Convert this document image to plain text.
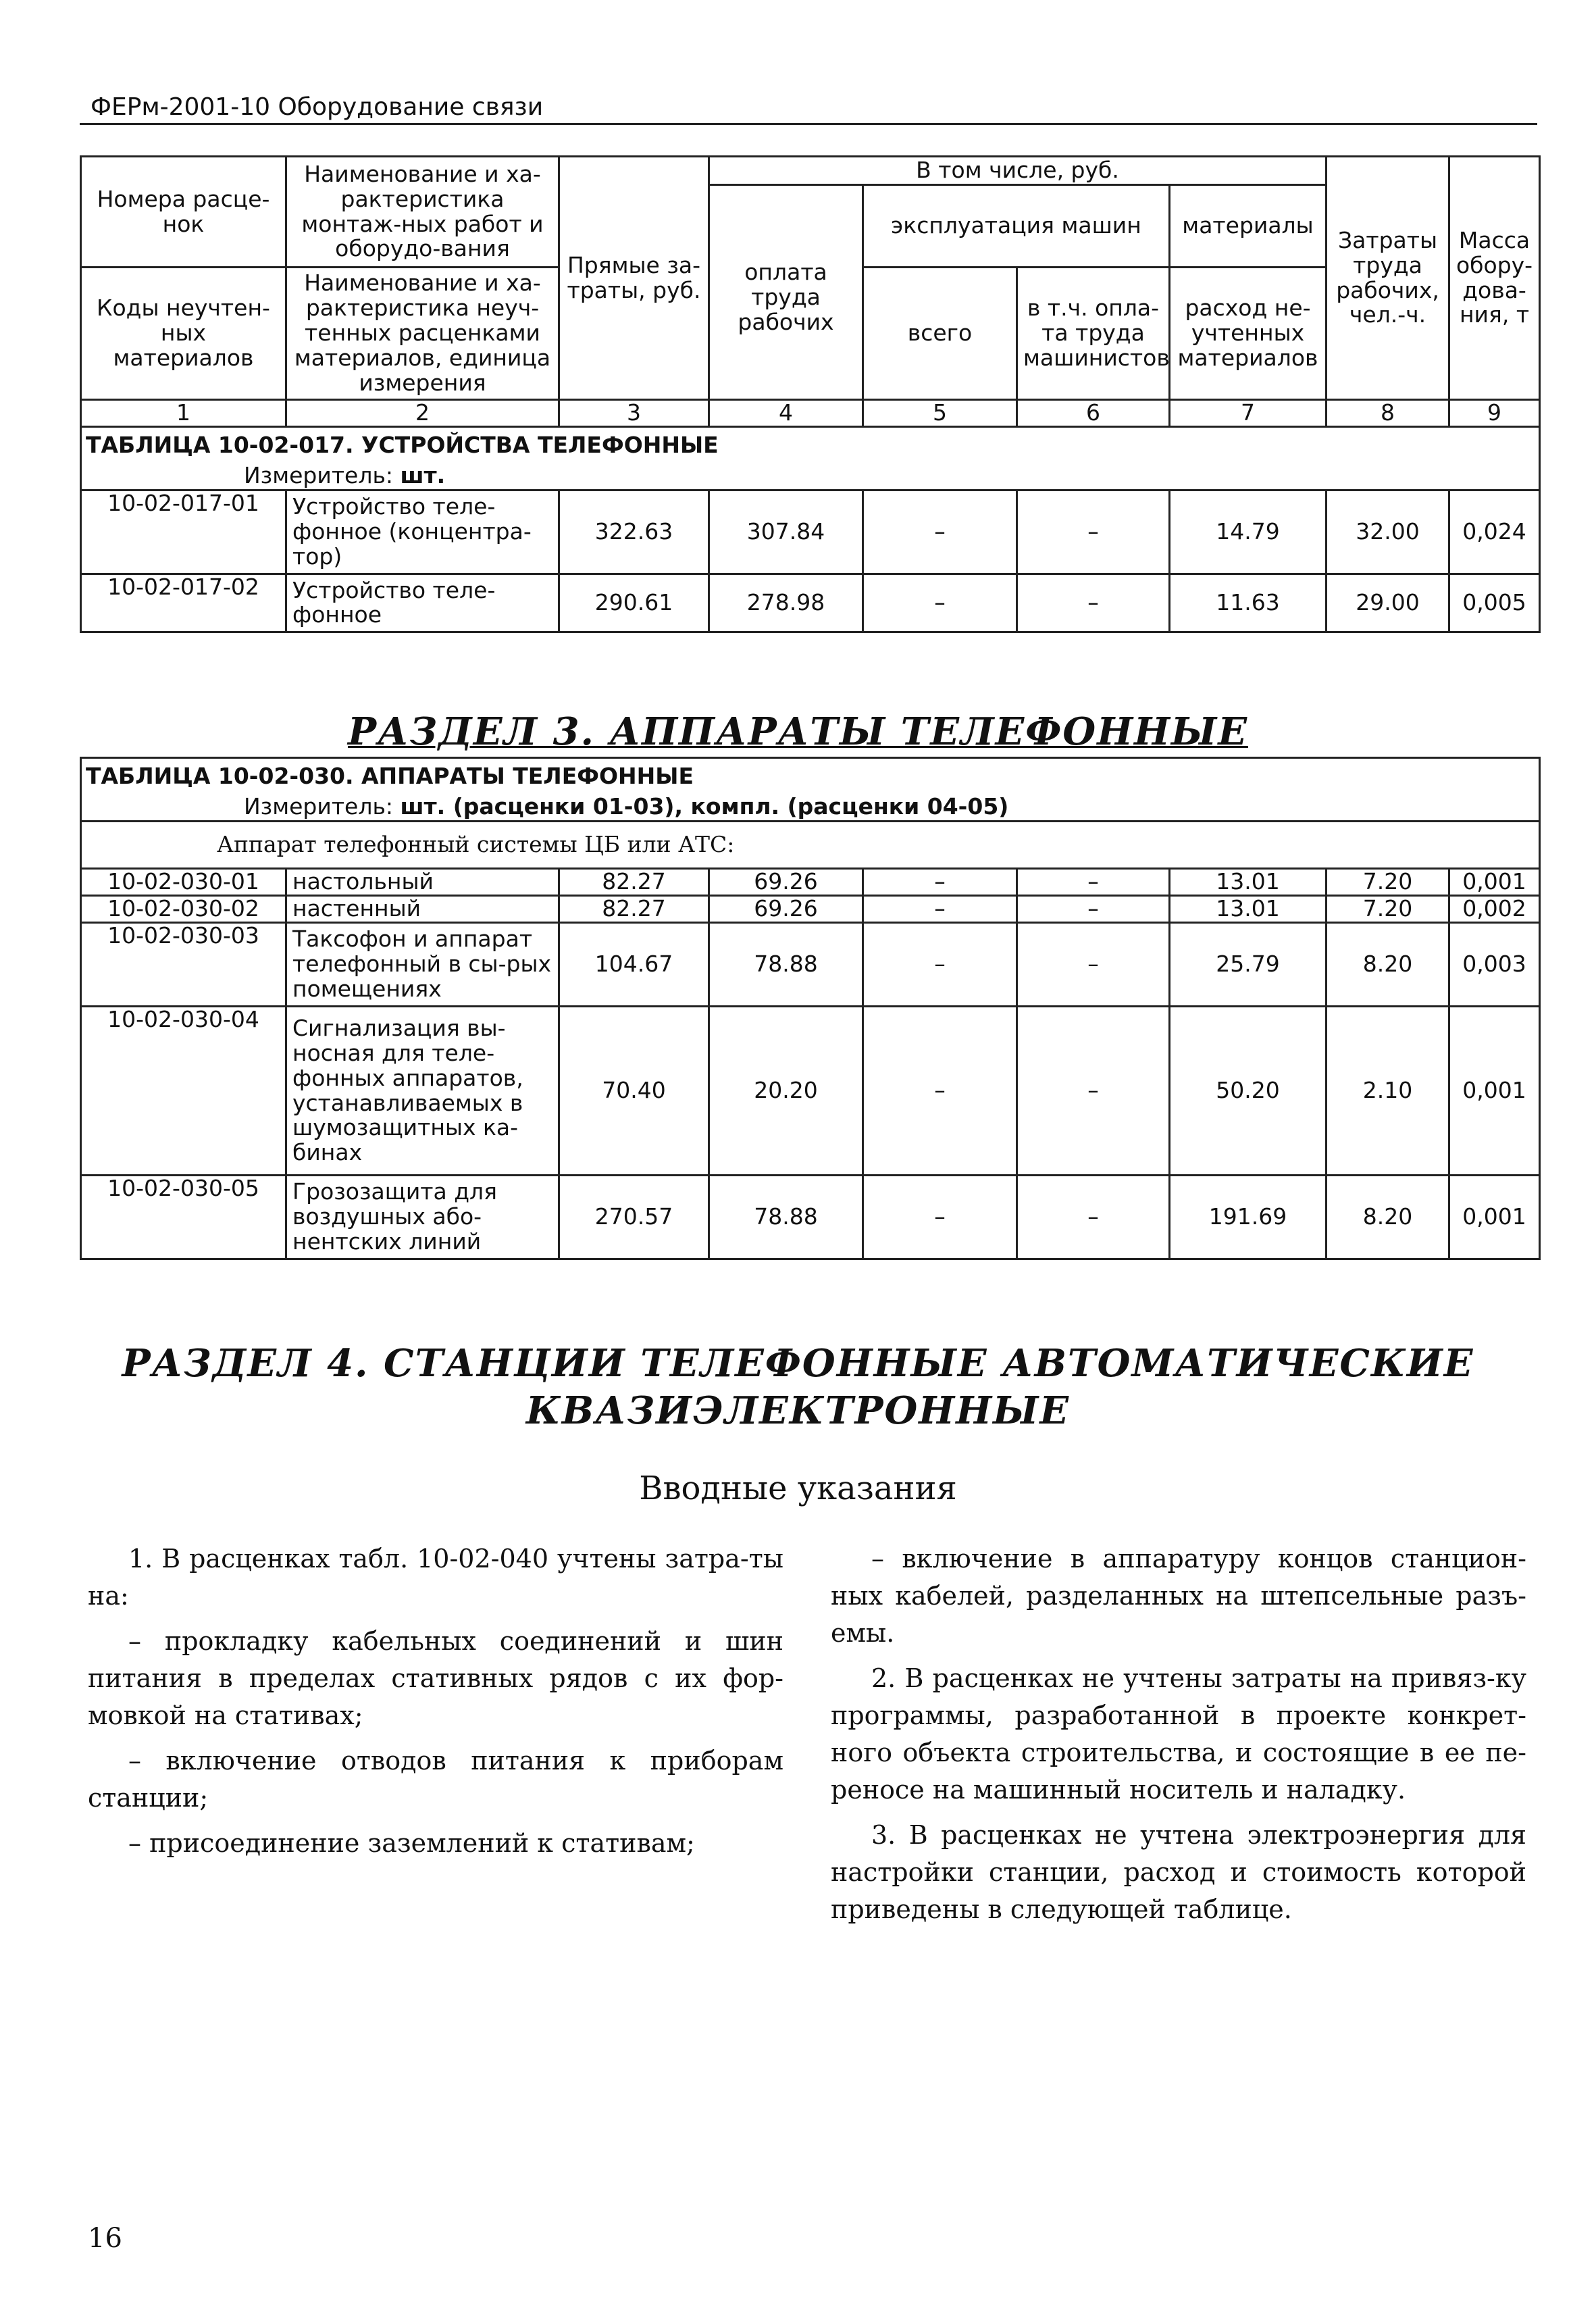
ФЕРм-2001-10 Оборудование связи
Номера расце-нок	Наименование и ха-рактеристика монтаж-ных работ и оборудо-вания	Прямые за-траты, руб.	В том числе, руб.				Затраты труда рабочих, чел.-ч.	Масса обору-дова-ния, т
			оплата труда рабочих	эксплуатация машин		материалы		
Коды неучтен-ных материалов	Наименование и ха-рактеристика неуч-тенных расценками материалов, единица измерения			всего	в т.ч. опла-та труда машинистов	расход не-учтенных материалов		

1	2	3	4	5	6	7	8	9
ТАБЛИЦА 10-02-017. УСТРОЙСТВА ТЕЛЕФОННЫЕ								
Измеритель: шт.								
10-02-017-01	Устройство теле-фонное (концентра-тор)	322.63	307.84	–	–	14.79	32.00	0,024
10-02-017-02	Устройство теле-фонное	290.61	278.98	–	–	11.63	29.00	0,005
РАЗДЕЛ 3. АППАРАТЫ ТЕЛЕФОННЫЕ
ТАБЛИЦА 10-02-030. АППАРАТЫ ТЕЛЕФОННЫЕ								
Измеритель: шт. (расценки 01-03), компл. (расценки 04-05)								
Аппарат телефонный системы ЦБ или АТС:								
10-02-030-01	настольный	82.27	69.26	–	–	13.01	7.20	0,001
10-02-030-02	настенный	82.27	69.26	–	–	13.01	7.20	0,002
10-02-030-03	Таксофон и аппарат телефонный в сы-рых помещениях	104.67	78.88	–	–	25.79	8.20	0,003
10-02-030-04	Сигнализация вы-носная для теле-фонных аппаратов, устанавливаемых в шумозащитных ка-бинах	70.40	20.20	–	–	50.20	2.10	0,001
10-02-030-05	Грозозащита для воздушных або-нентских линий	270.57	78.88	–	–	191.69	8.20	0,001
РАЗДЕЛ 4. СТАНЦИИ ТЕЛЕФОННЫЕ АВТОМАТИЧЕСКИЕ
КВАЗИЭЛЕКТРОННЫЕ
Вводные указания

1. В расценках табл. 10-02-040 учтены затра-ты на:

– прокладку кабельных соединений и шин питания в пределах стативных рядов с их фор-мовкой на стативах;

– включение отводов питания к приборам станции;

– присоединение заземлений к стативам;

– включение в аппаратуру концов станцион-ных кабелей, разделанных на штепсельные разъ-емы.

2. В расценках не учтены затраты на привяз-ку программы, разработанной в проекте конкрет-ного объекта строительства, и состоящие в ее пе-реносе на машинный носитель и наладку.

3. В расценках не учтена электроэнергия для настройки станции, расход и стоимость которой приведены в следующей таблице.

16
